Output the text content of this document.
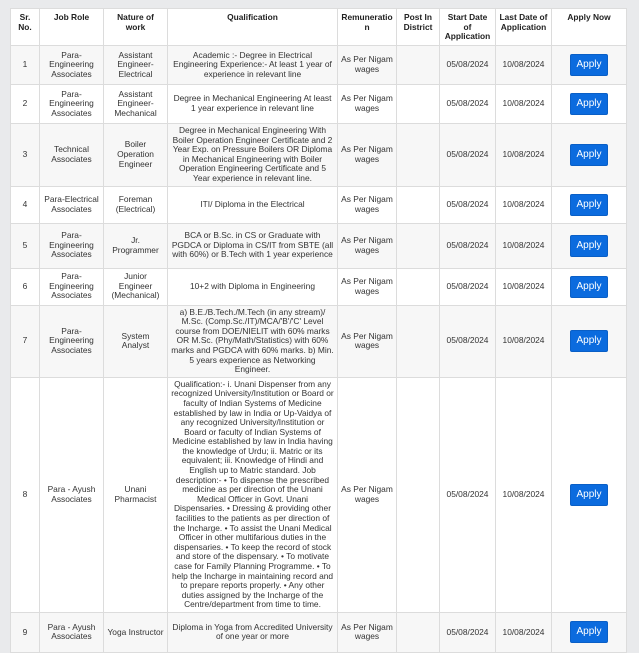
Sr. No.	Job Role	Nature of work	Qualification	Remuneration	Post In District	Start Date of Application	Last Date of Application	Apply Now
1	Para-Engineering Associates	Assistant Engineer-Electrical	Academic :- Degree in Electrical Engineering Experience:- At least 1 year of experience in relevant line	As Per Nigam wages		05/08/2024	10/08/2024	Apply
2	Para-Engineering Associates	Assistant Engineer-Mechanical	Degree in Mechanical Engineering At least 1 year experience in relevant line	As Per Nigam wages		05/08/2024	10/08/2024	Apply
3	Technical Associates	Boiler Operation Engineer	Degree in Mechanical Engineering With Boiler Operation Engineer Certificate and 2 Year Exp. on Pressure Boilers OR Diploma in Mechanical Engineering with Boiler Operation Engineering Certificate and 5 Year experience in relevant line.	As Per Nigam wages		05/08/2024	10/08/2024	Apply
4	Para-Electrical Associates	Foreman (Electrical)	ITI/ Diploma in the Electrical	As Per Nigam wages		05/08/2024	10/08/2024	Apply
5	Para-Engineering Associates	Jr. Programmer	BCA or B.Sc. in CS or Graduate with PGDCA or Diploma in CS/IT from SBTE (all with 60%) or B.Tech with 1 year experience	As Per Nigam wages		05/08/2024	10/08/2024	Apply
6	Para-Engineering Associates	Junior Engineer (Mechanical)	10+2 with Diploma in Engineering	As Per Nigam wages		05/08/2024	10/08/2024	Apply
7	Para-Engineering Associates	System Analyst	a) B.E./B.Tech./M.Tech (in any stream)/ M.Sc. (Comp.Sc./IT)/MCA/'B'/'C' Level course from DOE/NIELIT with 60% marks OR M.Sc. (Phy/Math/Statistics) with 60% marks and PGDCA with 60% marks. b) Min. 5 years experience as Networking Engineer.	As Per Nigam wages		05/08/2024	10/08/2024	Apply
8	Para - Ayush Associates	Unani Pharmacist	Qualification:- i. Unani Dispenser from any recognized University/Institution or Board or faculty of Indian Systems of Medicine established by law in India or Up-Vaidya of any recognized University/Institution or Board or faculty of Indian Systems of Medicine established by law in India having the knowledge of Urdu; ii. Matric or its equivalent; iii. Knowledge of Hindi and English up to Matric standard. Job description:- • To dispense the prescribed medicine as per direction of the Unani Medical Officer in Govt. Unani Dispensaries. • Dressing & providing other facilities to the patients as per direction of the Incharge. • To assist the Unani Medical Officer in other multifarious duties in the dispensaries. • To keep the record of stock and store of the dispensary. • To motivate case for Family Planning Programme. • To help the Incharge in maintaining record and to prepare reports properly. • Any other duties assigned by the Incharge of the Centre/department from time to time.	As Per Nigam wages		05/08/2024	10/08/2024	Apply
9	Para - Ayush Associates	Yoga Instructor	Diploma in Yoga from Accredited University of one year or more	As Per Nigam wages		05/08/2024	10/08/2024	Apply
